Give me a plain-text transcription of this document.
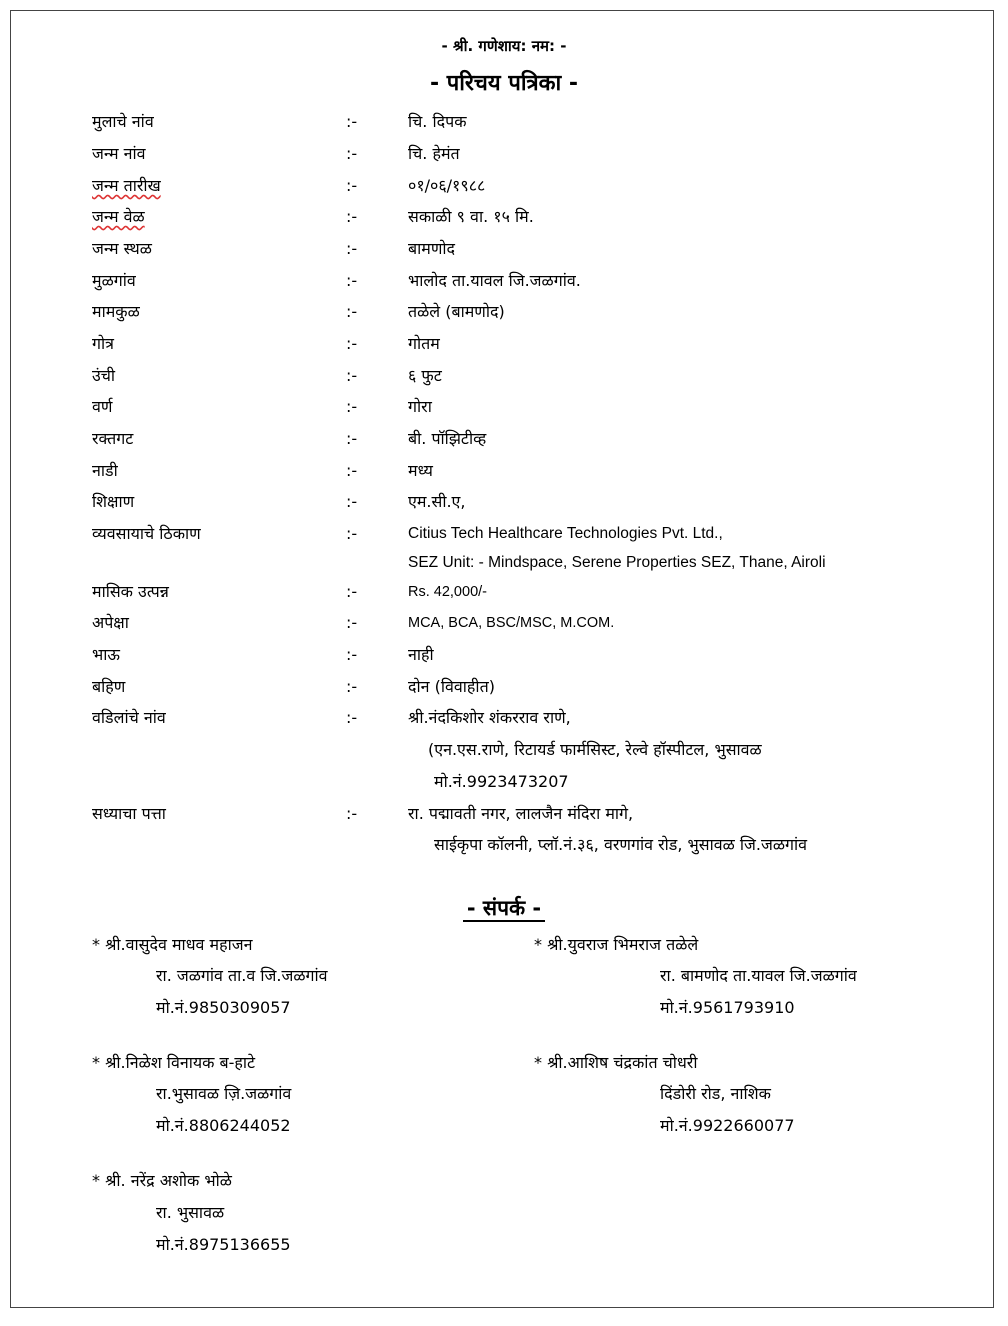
- श्री. गणेशाय: नम: -
- परिचय पत्रिका -
मुलाचे नांव	:-	चि. दिपक
जन्म नांव	:-	चि. हेमंत
जन्म तारीख	:-	०१/०६/१९८८
जन्म वेळ	:-	सकाळी ९ वा. १५ मि.
जन्म स्थळ	:-	बामणोद
मुळगांव	:-	भालोद ता.यावल जि.जळगांव.
मामकुळ	:-	तळेले (बामणोद)
गोत्र	:-	गोतम
उंची	:-	६ फुट
वर्ण	:-	गोरा
रक्तगट	:-	बी. पॉझिटीव्ह
नाडी	:-	मध्य
शिक्षाण	:-	एम.सी.ए,
व्यवसायाचे ठिकाण	:-	Citius Tech Healthcare Technologies Pvt. Ltd.,
SEZ Unit: - Mindspace, Serene Properties SEZ, Thane, Airoli
मासिक उत्पन्न	:-	Rs. 42,000/-
अपेक्षा	:-	MCA, BCA, BSC/MSC, M.COM.
भाऊ	:-	नाही
बहिण	:-	दोन (विवाहीत)
वडिलांचे नांव	:-	श्री.नंदकिशोर शंकरराव राणे,
(एन.एस.राणे, रिटायर्ड फार्मसिस्ट, रेल्वे हॉस्पीटल, भुसावळ
मो.नं.9923473207
सध्याचा पत्ता	:-	रा. पद्मावती नगर, लालजैन मंदिरा मागे,
साईकृपा कॉलनी, प्लॉ.नं.३६, वरणगांव रोड, भुसावळ जि.जळगांव
- संपर्क -
* श्री.वासुदेव माधव महाजन
रा. जळगांव ता.व जि.जळगांव
मो.नं.9850309057
* श्री.युवराज भिमराज तळेले
रा. बामणोद ता.यावल जि.जळगांव
मो.नं.9561793910
* श्री.निळेश विनायक ब-हाटे
रा.भुसावळ ज़ि.जळगांव
मो.नं.8806244052
* श्री.आशिष चंद्रकांत चोधरी
दिंडोरी रोड, नाशिक
मो.नं.9922660077
* श्री. नरेंद्र अशोक भोळे
रा. भुसावळ
मो.नं.8975136655
